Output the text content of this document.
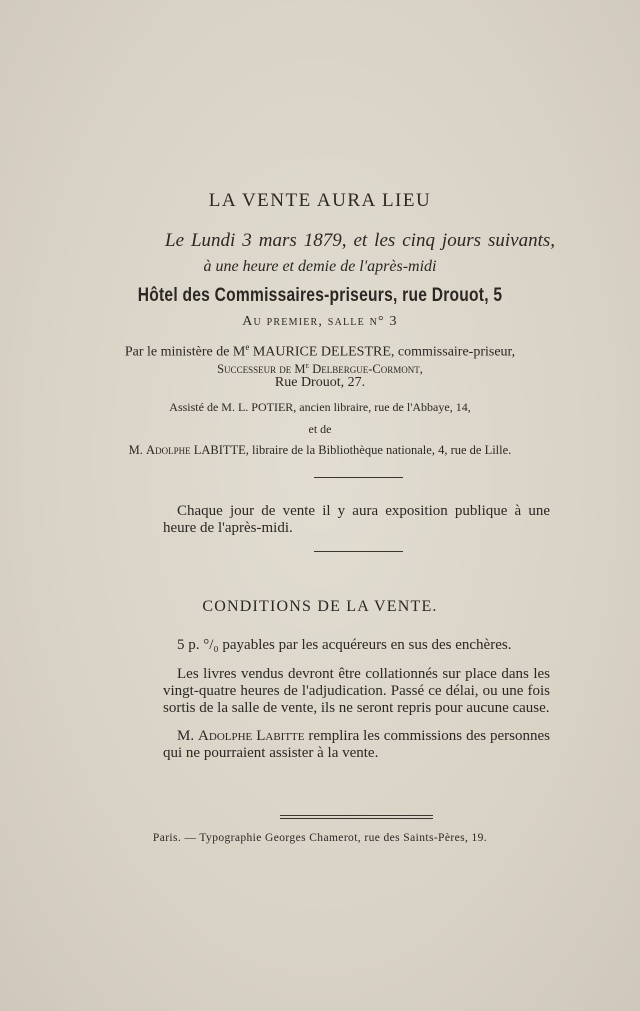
LA VENTE AURA LIEU
Le Lundi 3 mars 1879, et les cinq jours suivants,
à une heure et demie de l'après-midi
Hôtel des Commissaires-priseurs, rue Drouot, 5
Au premier, salle n° 3
Par le ministère de Me MAURICE DELESTRE, commissaire-priseur,
Successeur de Me Delbergue-Cormont,
Rue Drouot, 27.
Assisté de M. L. POTIER, ancien libraire, rue de l'Abbaye, 14,
et de
M. Adolphe LABITTE, libraire de la Bibliothèque nationale, 4, rue de Lille.
Chaque jour de vente il y aura exposition publique à une heure de l'après-midi.
CONDITIONS DE LA VENTE.
5 p. °/₀ payables par les acquéreurs en sus des enchères.
Les livres vendus devront être collationnés sur place dans les vingt-quatre heures de l'adjudication. Passé ce délai, ou une fois sortis de la salle de vente, ils ne seront repris pour aucune cause.
M. Adolphe Labitte remplira les commissions des personnes qui ne pourraient assister à la vente.
Paris. — Typographie Georges Chamerot, rue des Saints-Pères, 19.
